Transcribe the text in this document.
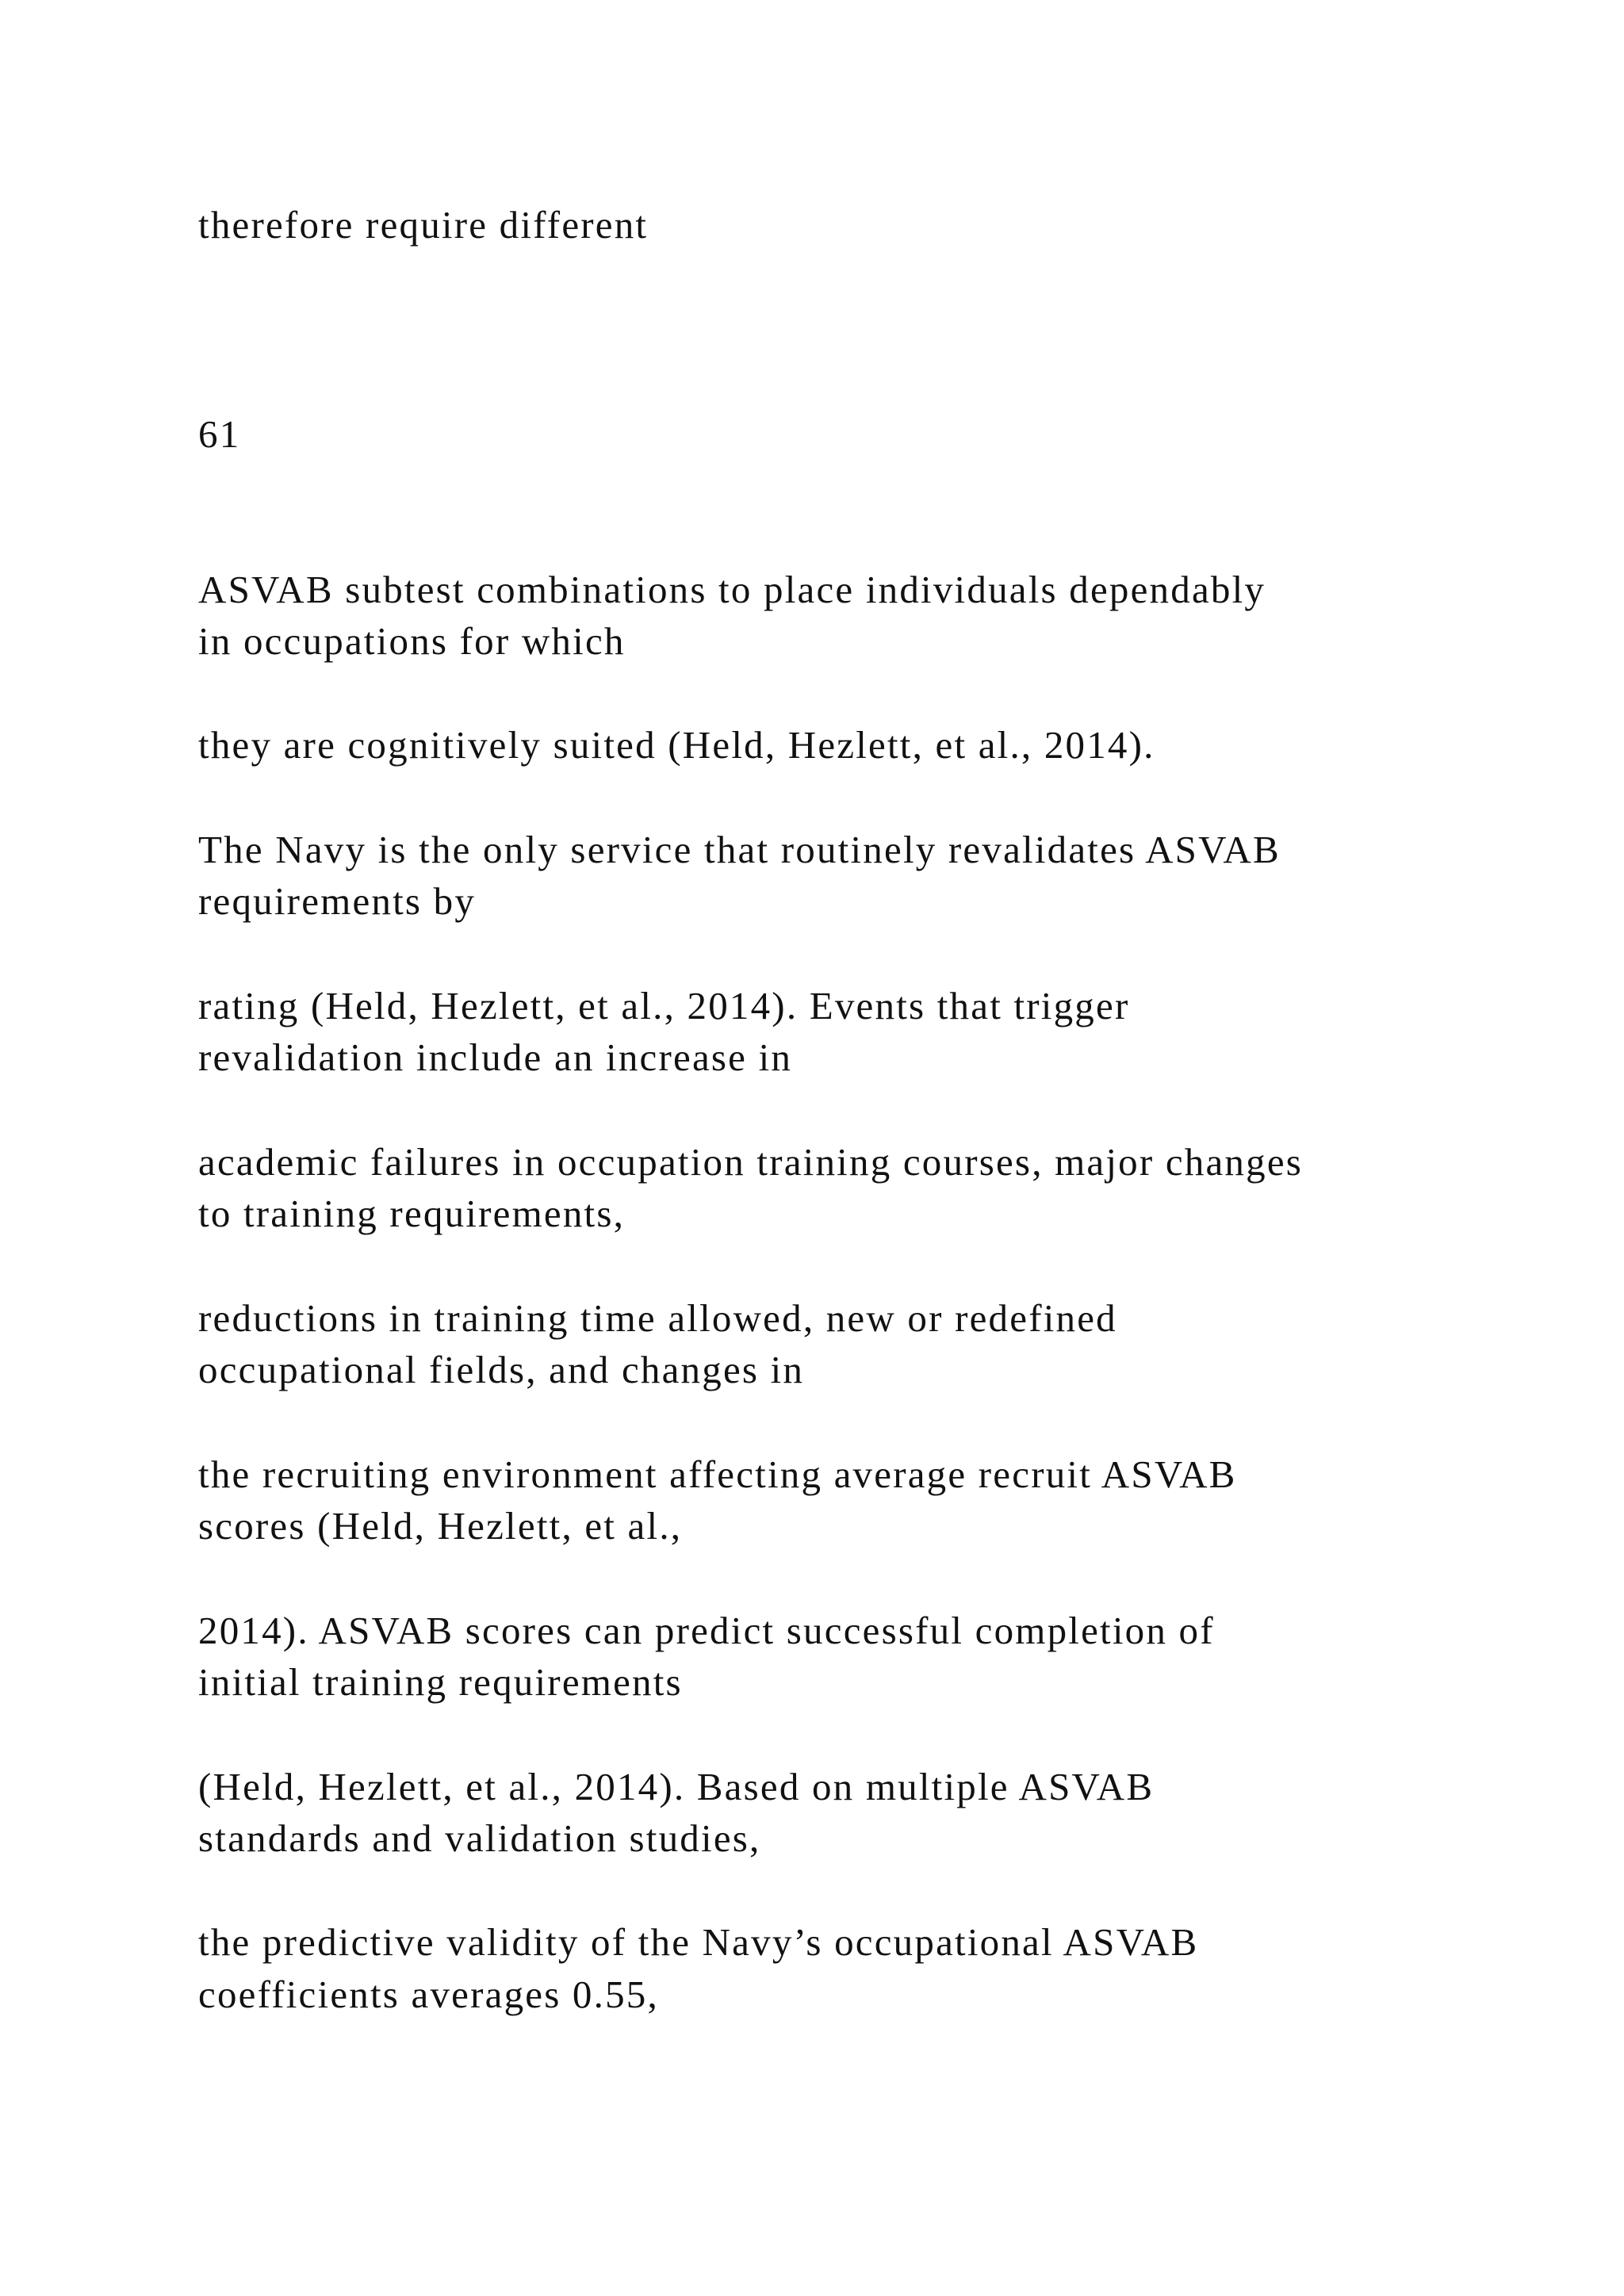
therefore require different

61

ASVAB subtest combinations to place individuals dependably

in occupations for which

they are cognitively suited (Held, Hezlett, et al., 2014).

The Navy is the only service that routinely revalidates ASVAB

requirements by

rating (Held, Hezlett, et al., 2014). Events that trigger

revalidation include an increase in

academic failures in occupation training courses, major changes

to training requirements,

reductions in training time allowed, new or redefined

occupational fields, and changes in

the recruiting environment affecting average recruit ASVAB

scores (Held, Hezlett, et al.,

2014). ASVAB scores can predict successful completion of

initial training requirements

(Held, Hezlett, et al., 2014). Based on multiple ASVAB

standards and validation studies,

the predictive validity of the Navy’s occupational ASVAB

coefficients averages 0.55,
